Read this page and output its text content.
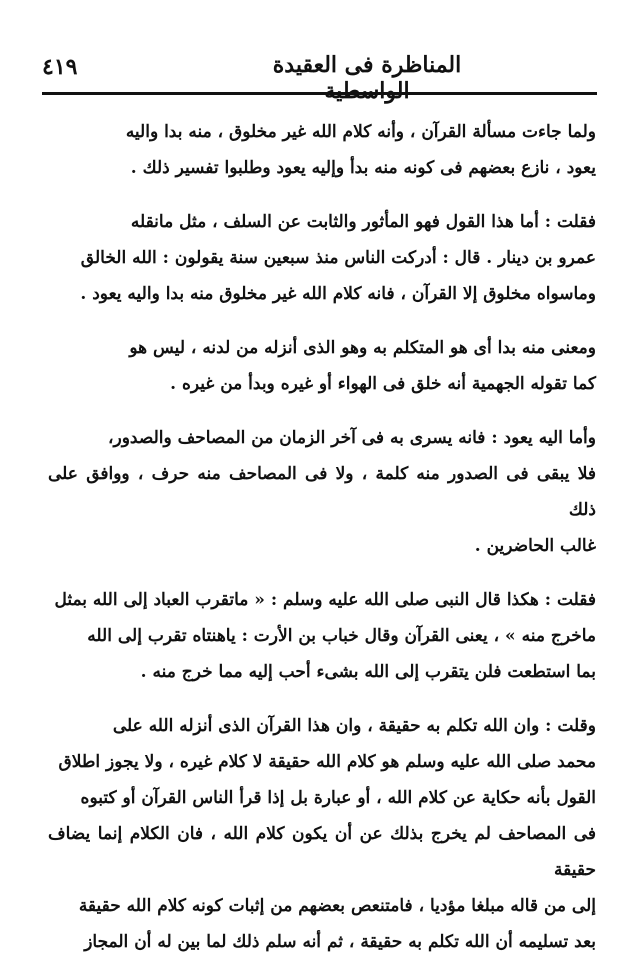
٤١٩	المناظرة فى العقيدة الواسطية

ولما جاءت مسألة القرآن ، وأنه كلام الله غير مخلوق ، منه بدا واليه

يعود ، نازع بعضهم فى كونه منه بدأ وإليه يعود وطلبوا تفسير ذلك .

فقلت : أما هذا القول فهو المأثور والثابت عن السلف ، مثل مانقله

عمرو بن دينار . قال : أدركت الناس منذ سبعين سنة يقولون : الله الخالق

وماسواه مخلوق إلا القرآن ، فانه كلام الله غير مخلوق منه بدا واليه يعود .

ومعنى منه بدا أى هو المتكلم به وهو الذى أنزله من لدنه ، ليس هو

كما تقوله الجهمية أنه خلق فى الهواء أو غيره وبدأ من غيره .

وأما اليه يعود : فانه يسرى به فى آخر الزمان من المصاحف والصدور،

فلا يبقى فى الصدور منه كلمة ، ولا فى المصاحف منه حرف ، ووافق على ذلك

غالب الحاضرين .

فقلت : هكذا قال النبى صلى الله عليه وسلم : « ماتقرب العباد إلى الله بمثل

ماخرج منه » ، يعنى القرآن وقال خباب بن الأرت : ياهنتاه تقرب إلى الله

بما استطعت فلن يتقرب إلى الله بشىء أحب إليه مما خرج منه .

وقلت : وان الله تكلم به حقيقة ، وان هذا القرآن الذى أنزله الله على

محمد صلى الله عليه وسلم هو كلام الله حقيقة لا كلام غيره ، ولا يجوز اطلاق

القول بأنه حكاية عن كلام الله ، أو عبارة بل إذا قرأ الناس القرآن أو كتبوه

فى المصاحف لم يخرج بذلك عن أن يكون كلام الله ، فان الكلام إنما يضاف حقيقة

إلى من قاله مبلغا مؤديا ، فامتنعص بعضهم من إثبات كونه كلام الله حقيقة

بعد تسليمه أن الله تكلم به حقيقة ، ثم أنه سلم ذلك لما بين له أن المجاز
